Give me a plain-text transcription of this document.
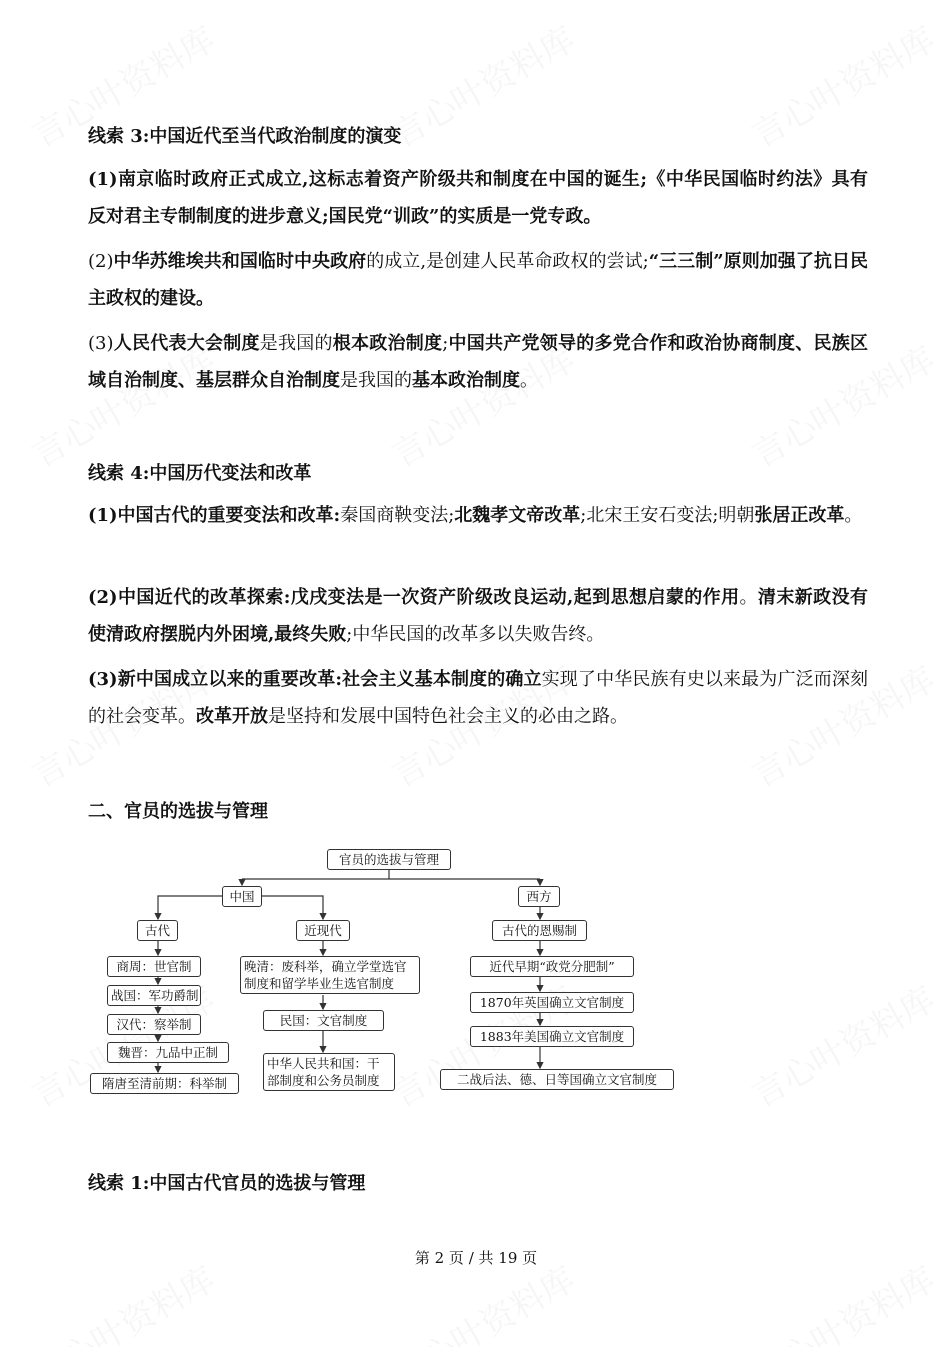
线索 3:中国近代至当代政治制度的演变
(1)南京临时政府正式成立,这标志着资产阶级共和制度在中国的诞生;《中华民国临时约法》具有反对君主专制制度的进步意义;国民党“训政”的实质是一党专政。
(2)中华苏维埃共和国临时中央政府的成立,是创建人民革命政权的尝试;“三三制”原则加强了抗日民主政权的建设。
(3)人民代表大会制度是我国的根本政治制度;中国共产党领导的多党合作和政治协商制度、民族区域自治制度、基层群众自治制度是我国的基本政治制度。
线索 4:中国历代变法和改革
(1)中国古代的重要变法和改革:秦国商鞅变法;北魏孝文帝改革;北宋王安石变法;明朝张居正改革。
(2)中国近代的改革探索:戊戌变法是一次资产阶级改良运动,起到思想启蒙的作用。清末新政没有使清政府摆脱内外困境,最终失败;中华民国的改革多以失败告终。
(3)新中国成立以来的重要改革:社会主义基本制度的确立实现了中华民族有史以来最为广泛而深刻的社会变革。改革开放是坚持和发展中国特色社会主义的必由之路。
二、官员的选拔与管理
官员的选拔与管理
中国	西方
古代	近现代	古代的恩赐制
商周：世官制
战国：军功爵制
汉代：察举制
魏晋：九品中正制
隋唐至清前期：科举制
晚清：废科举，确立学堂选官制度和留学毕业生选官制度
民国：文官制度
中华人民共和国：干部制度和公务员制度
近代早期“政党分肥制”
1870年英国确立文官制度
1883年美国确立文官制度
二战后法、德、日等国确立文官制度
线索 1:中国古代官员的选拔与管理
第 2 页 / 共 19 页
